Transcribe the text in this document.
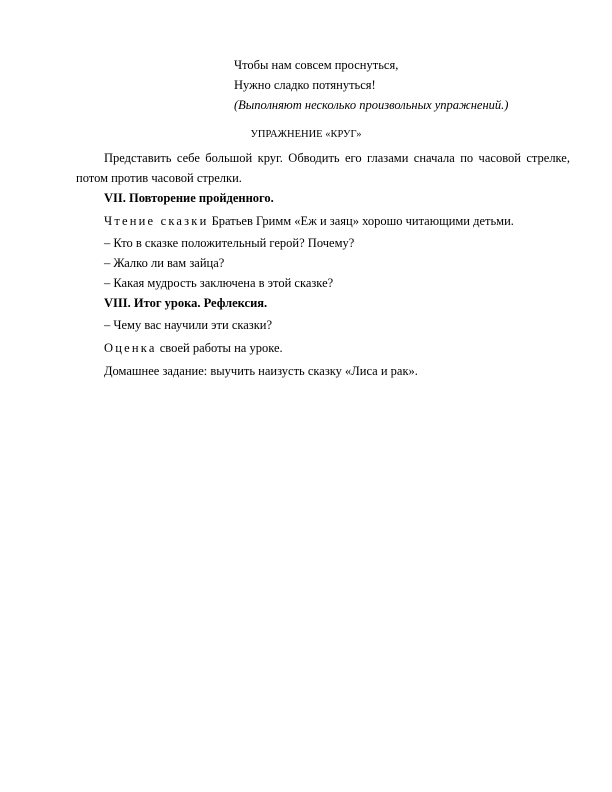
Чтобы нам совсем проснуться,
Нужно сладко потянуться!
(Выполняют несколько произвольных упражнений.)
УПРАЖНЕНИЕ «КРУГ»
Представить себе большой круг. Обводить его глазами сначала по часовой стрелке, потом против часовой стрелки.
VII. Повторение пройденного.
Чтение сказки Братьев Гримм «Еж и заяц» хорошо читающими детьми.
– Кто в сказке положительный герой? Почему?
– Жалко ли вам зайца?
– Какая мудрость заключена в этой сказке?
VIII. Итог урока. Рефлексия.
– Чему вас научили эти сказки?
Оценка своей работы на уроке.
Домашнее задание: выучить наизусть сказку «Лиса и рак».
